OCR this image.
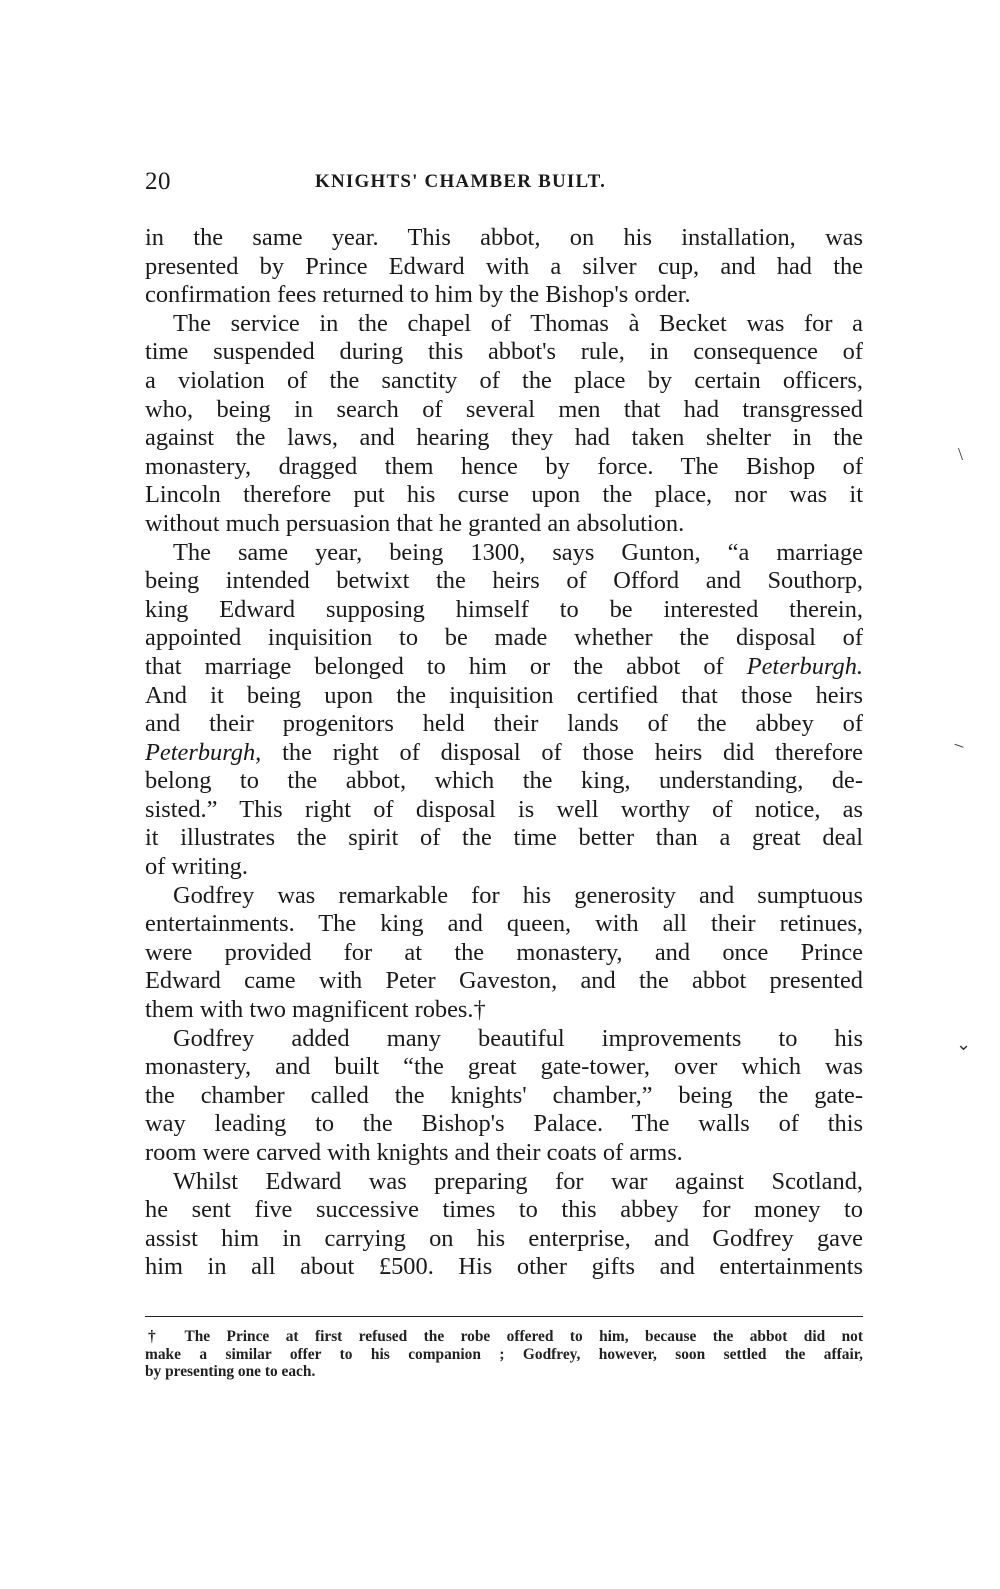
20	KNIGHTS' CHAMBER BUILT.
in the same year. This abbot, on his installation, was
presented by Prince Edward with a silver cup, and had the
confirmation fees returned to him by the Bishop's order.
The service in the chapel of Thomas à Becket was for a
time suspended during this abbot's rule, in consequence of
a violation of the sanctity of the place by certain officers,
who, being in search of several men that had transgressed
against the laws, and hearing they had taken shelter in the
monastery, dragged them hence by force. The Bishop of
Lincoln therefore put his curse upon the place, nor was it
without much persuasion that he granted an absolution.
The same year, being 1300, says Gunton, “a marriage
being intended betwixt the heirs of Offord and Southorp,
king Edward supposing himself to be interested therein,
appointed inquisition to be made whether the disposal of
that marriage belonged to him or the abbot of Peterburgh.
And it being upon the inquisition certified that those heirs
and their progenitors held their lands of the abbey of
Peterburgh, the right of disposal of those heirs did therefore
belong to the abbot, which the king, understanding, de-
sisted.” This right of disposal is well worthy of notice, as
it illustrates the spirit of the time better than a great deal
of writing.
Godfrey was remarkable for his generosity and sumptuous
entertainments. The king and queen, with all their retinues,
were provided for at the monastery, and once Prince
Edward came with Peter Gaveston, and the abbot presented
them with two magnificent robes.†
Godfrey added many beautiful improvements to his
monastery, and built “the great gate-tower, over which was
the chamber called the knights' chamber,” being the gate-
way leading to the Bishop's Palace. The walls of this
room were carved with knights and their coats of arms.
Whilst Edward was preparing for war against Scotland,
he sent five successive times to this abbey for money to
assist him in carrying on his enterprise, and Godfrey gave
him in all about £500. His other gifts and entertainments
† The Prince at first refused the robe offered to him, because the abbot did not
make a similar offer to his companion ; Godfrey, however, soon settled the affair,
by presenting one to each.
\
‒
⌄
